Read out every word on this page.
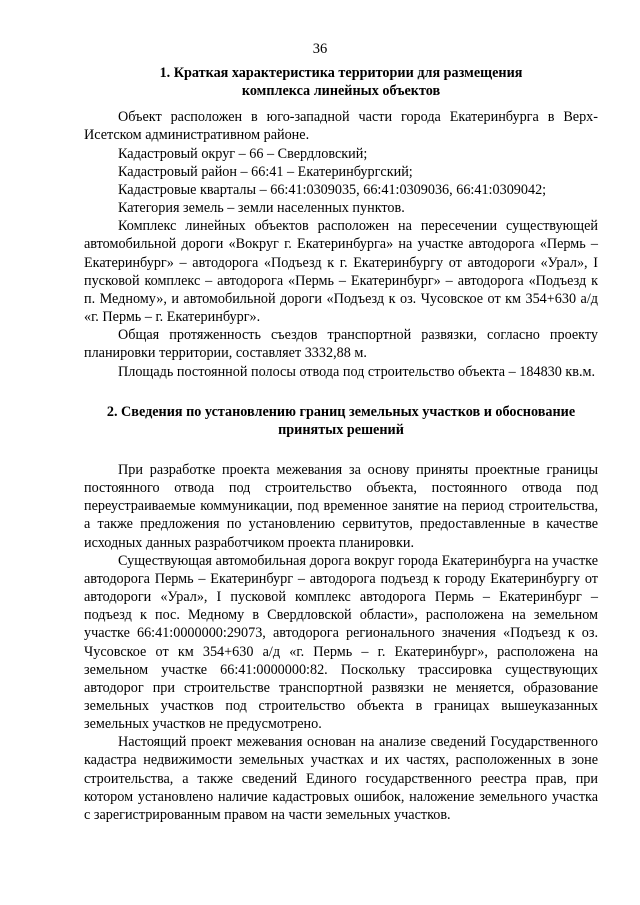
36
1. Краткая характеристика территории для размещения
комплекса линейных объектов

Объект расположен в юго-западной части города Екатеринбурга в Верх-Исетском административном районе.

Кадастровый округ – 66 – Свердловский;

Кадастровый район – 66:41 – Екатеринбургский;

Кадастровые кварталы – 66:41:0309035, 66:41:0309036, 66:41:0309042;

Категория земель – земли населенных пунктов.

Комплекс линейных объектов расположен на пересечении существующей автомобильной дороги «Вокруг г. Екатеринбурга» на участке автодорога «Пермь – Екатеринбург» – автодорога «Подъезд к г. Екатеринбургу от автодороги «Урал», I пусковой комплекс – автодорога «Пермь – Екатеринбург» – автодорога «Подъезд к п. Медному», и автомобильной дороги «Подъезд к оз. Чусовское от км 354+630 а/д «г. Пермь – г. Екатеринбург».

Общая протяженность съездов транспортной развязки, согласно проекту планировки территории, составляет 3332,88 м.

Площадь постоянной полосы отвода под строительство объекта – 184830 кв.м.

2. Сведения по установлению границ земельных участков и обоснование
принятых решений

При разработке проекта межевания за основу приняты проектные границы постоянного отвода под строительство объекта, постоянного отвода под переустраиваемые коммуникации, под временное занятие на период строительства, а также предложения по установлению сервитутов, предоставленные в качестве исходных данных разработчиком проекта планировки.

Существующая автомобильная дорога вокруг города Екатеринбурга на участке автодорога Пермь – Екатеринбург – автодорога подъезд к городу Екатеринбургу от автодороги «Урал», I пусковой комплекс автодорога Пермь – Екатеринбург – подъезд к пос. Медному в Свердловской области», расположена на земельном участке 66:41:0000000:29073, автодорога регионального значения «Подъезд к оз. Чусовское от км 354+630 а/д «г. Пермь – г. Екатеринбург», расположена на земельном участке 66:41:0000000:82. Поскольку трассировка существующих автодорог при строительстве транспортной развязки не меняется, образование земельных участков под строительство объекта в границах вышеуказанных земельных участков не предусмотрено.

Настоящий проект межевания основан на анализе сведений Государственного кадастра недвижимости земельных участках и их частях, расположенных в зоне строительства, а также сведений Единого государственного реестра прав, при котором установлено наличие кадастровых ошибок, наложение земельного участка с зарегистрированным правом на части земельных участков.
